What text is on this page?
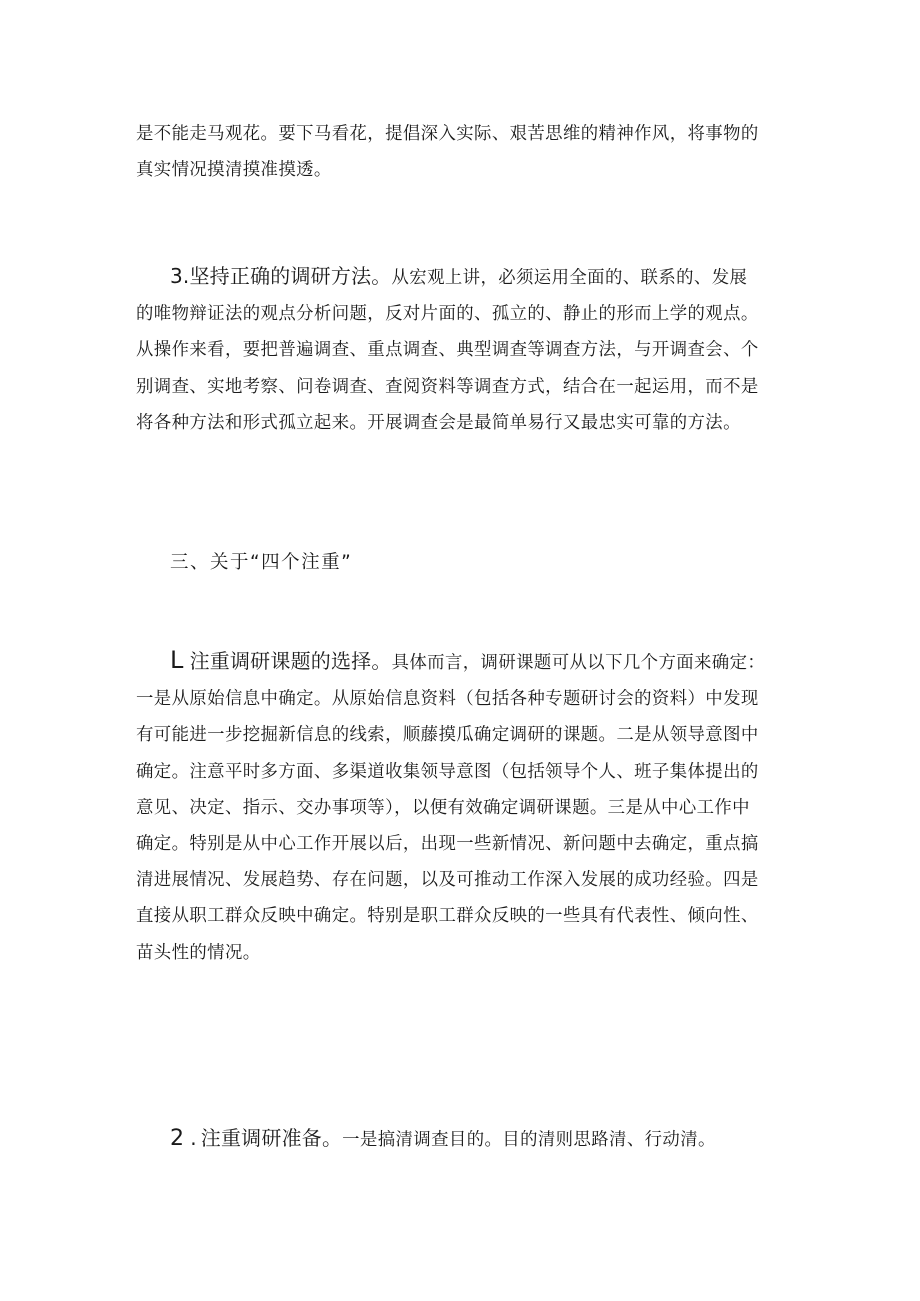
是不能走马观花。要下马看花，提倡深入实际、艰苦思维的精神作风，将事物的
真实情况摸清摸准摸透。
3.坚持正确的调研方法。从宏观上讲，必须运用全面的、联系的、发展
的唯物辩证法的观点分析问题，反对片面的、孤立的、静止的形而上学的观点。
从操作来看，要把普遍调查、重点调查、典型调查等调查方法，与开调查会、个
别调查、实地考察、问卷调查、查阅资料等调查方式，结合在一起运用，而不是
将各种方法和形式孤立起来。开展调查会是最简单易行又最忠实可靠的方法。
三、关于“四个注重”
L 注重调研课题的选择。具体而言，调研课题可从以下几个方面来确定：
一是从原始信息中确定。从原始信息资料（包括各种专题研讨会的资料）中发现
有可能进一步挖掘新信息的线索，顺藤摸瓜确定调研的课题。二是从领导意图中
确定。注意平时多方面、多渠道收集领导意图（包括领导个人、班子集体提出的
意见、决定、指示、交办事项等），以便有效确定调研课题。三是从中心工作中
确定。特别是从中心工作开展以后，出现一些新情况、新问题中去确定，重点搞
清进展情况、发展趋势、存在问题，以及可推动工作深入发展的成功经验。四是
直接从职工群众反映中确定。特别是职工群众反映的一些具有代表性、倾向性、
苗头性的情况。
2 . 注重调研准备。一是搞清调查目的。目的清则思路清、行动清。
